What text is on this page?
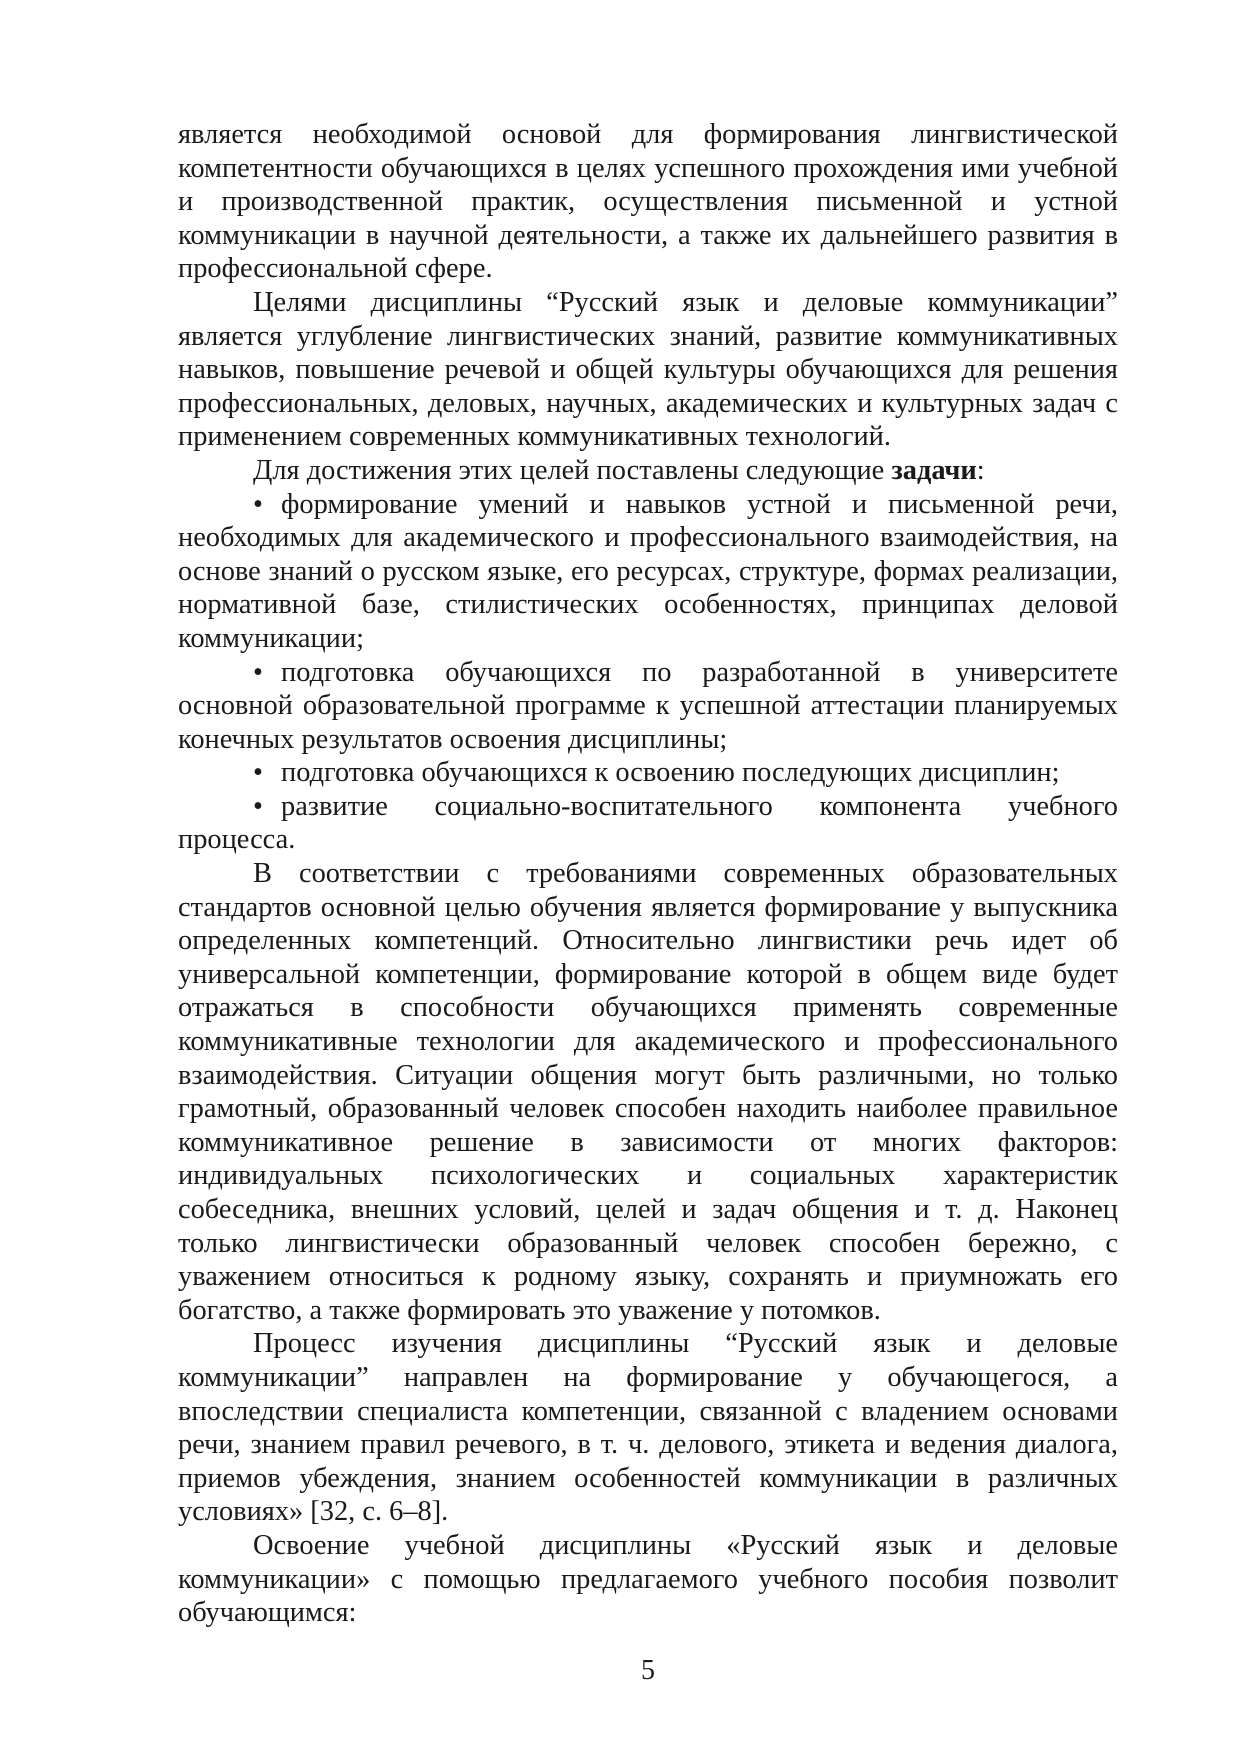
является необходимой основой для формирования лингвистической компетентности обучающихся в целях успешного прохождения ими учебной и производственной практик, осуществления письменной и устной коммуникации в научной деятельности, а также их дальнейшего развития в профессиональной сфере.

Целями дисциплины “Русский язык и деловые коммуникации” является углубление лингвистических знаний, развитие коммуникативных навыков, повышение речевой и общей культуры обучающихся для решения профессиональных, деловых, научных, академических и культурных задач с применением современных коммуникативных технологий.

Для достижения этих целей поставлены следующие задачи:

• формирование умений и навыков устной и письменной речи, необходимых для академического и профессионального взаимодействия, на основе знаний о русском языке, его ресурсах, структуре, формах реализации, нормативной базе, стилистических особенностях, принципах деловой коммуникации;

• подготовка обучающихся по разработанной в университете основной образовательной программе к успешной аттестации планируемых конечных результатов освоения дисциплины;

• подготовка обучающихся к освоению последующих дисциплин;

• развитие социально-воспитательного компонента учебного процесса.

В соответствии с требованиями современных образовательных стандартов основной целью обучения является формирование у выпускника определенных компетенций. Относительно лингвистики речь идет об универсальной компетенции, формирование которой в общем виде будет отражаться в способности обучающихся применять современные коммуникативные технологии для академического и профессионального взаимодействия. Ситуации общения могут быть различными, но только грамотный, образованный человек способен находить наиболее правильное коммуникативное решение в зависимости от многих факторов: индивидуальных психологических и социальных характеристик собеседника, внешних условий, целей и задач общения и т. д. Наконец только лингвистически образованный человек способен бережно, с уважением относиться к родному языку, сохранять и приумножать его богатство, а также формировать это уважение у потомков.

Процесс изучения дисциплины “Русский язык и деловые коммуникации” направлен на формирование у обучающегося, а впоследствии специалиста компетенции, связанной с владением основами речи, знанием правил речевого, в т. ч. делового, этикета и ведения диалога, приемов убеждения, знанием особенностей коммуникации в различных условиях» [32, с. 6–8].

Освоение учебной дисциплины «Русский язык и деловые коммуникации» с помощью предлагаемого учебного пособия позволит обучающимся:

5
